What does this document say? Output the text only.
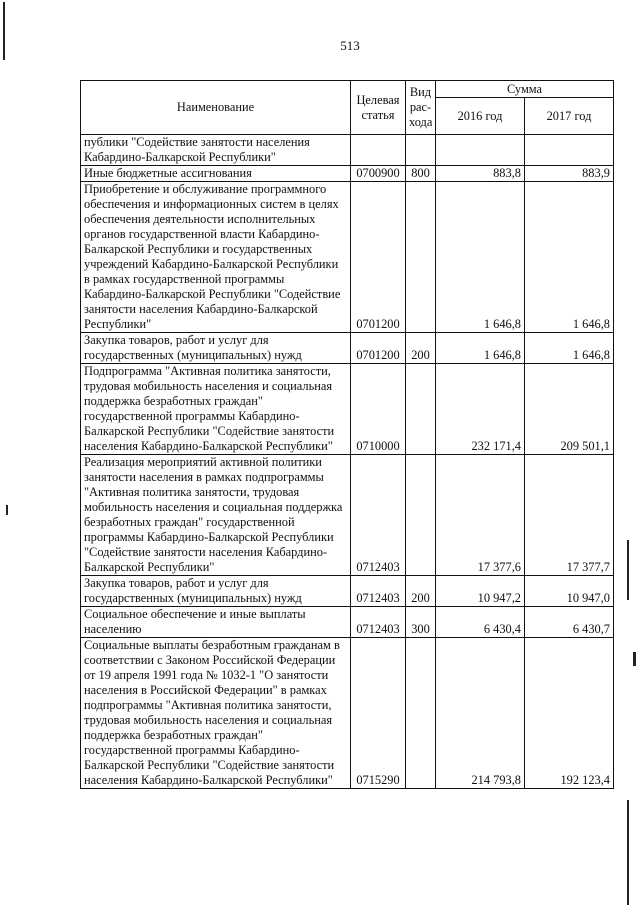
513
Наименование	Целевая статья	Вид рас-хода	Сумма	
			2016 год	2017 год
публики "Содействие занятости населения Кабардино-Балкарской Республики"				
Иные бюджетные ассигнования	0700900	800	883,8	883,9
Приобретение и обслуживание программного обеспечения и информационных систем в целях обеспечения деятельности исполнительных органов государственной власти Кабардино-Балкарской Республики и государственных учреждений Кабардино-Балкарской Республики в рамках государственной программы Кабардино-Балкарской Республики "Содействие занятости населения Кабардино-Балкарской Республики"	0701200		1 646,8	1 646,8
Закупка товаров, работ и услуг для государственных (муниципальных) нужд	0701200	200	1 646,8	1 646,8
Подпрограмма "Активная политика занятости, трудовая мобильность населения и социальная поддержка безработных граждан" государственной программы Кабардино-Балкарской Республики "Содействие занятости населения Кабардино-Балкарской Республики"	0710000		232 171,4	209 501,1
Реализация мероприятий активной политики занятости населения в рамках подпрограммы "Активная политика занятости, трудовая мобильность населения и социальная поддержка безработных граждан" государственной программы Кабардино-Балкарской Республики "Содействие занятости населения Кабардино-Балкарской Республики"	0712403		17 377,6	17 377,7
Закупка товаров, работ и услуг для государственных (муниципальных) нужд	0712403	200	10 947,2	10 947,0
Социальное обеспечение и иные выплаты населению	0712403	300	6 430,4	6 430,7
Социальные выплаты безработным гражданам в соответствии с Законом Российской Федерации от 19 апреля 1991 года № 1032-1 "О занятости населения в Российской Федерации" в рамках подпрограммы "Активная политика занятости, трудовая мобильность населения и социальная поддержка безработных граждан" государственной программы Кабардино-Балкарской Республики "Содействие занятости населения Кабардино-Балкарской Республики"	0715290		214 793,8	192 123,4
